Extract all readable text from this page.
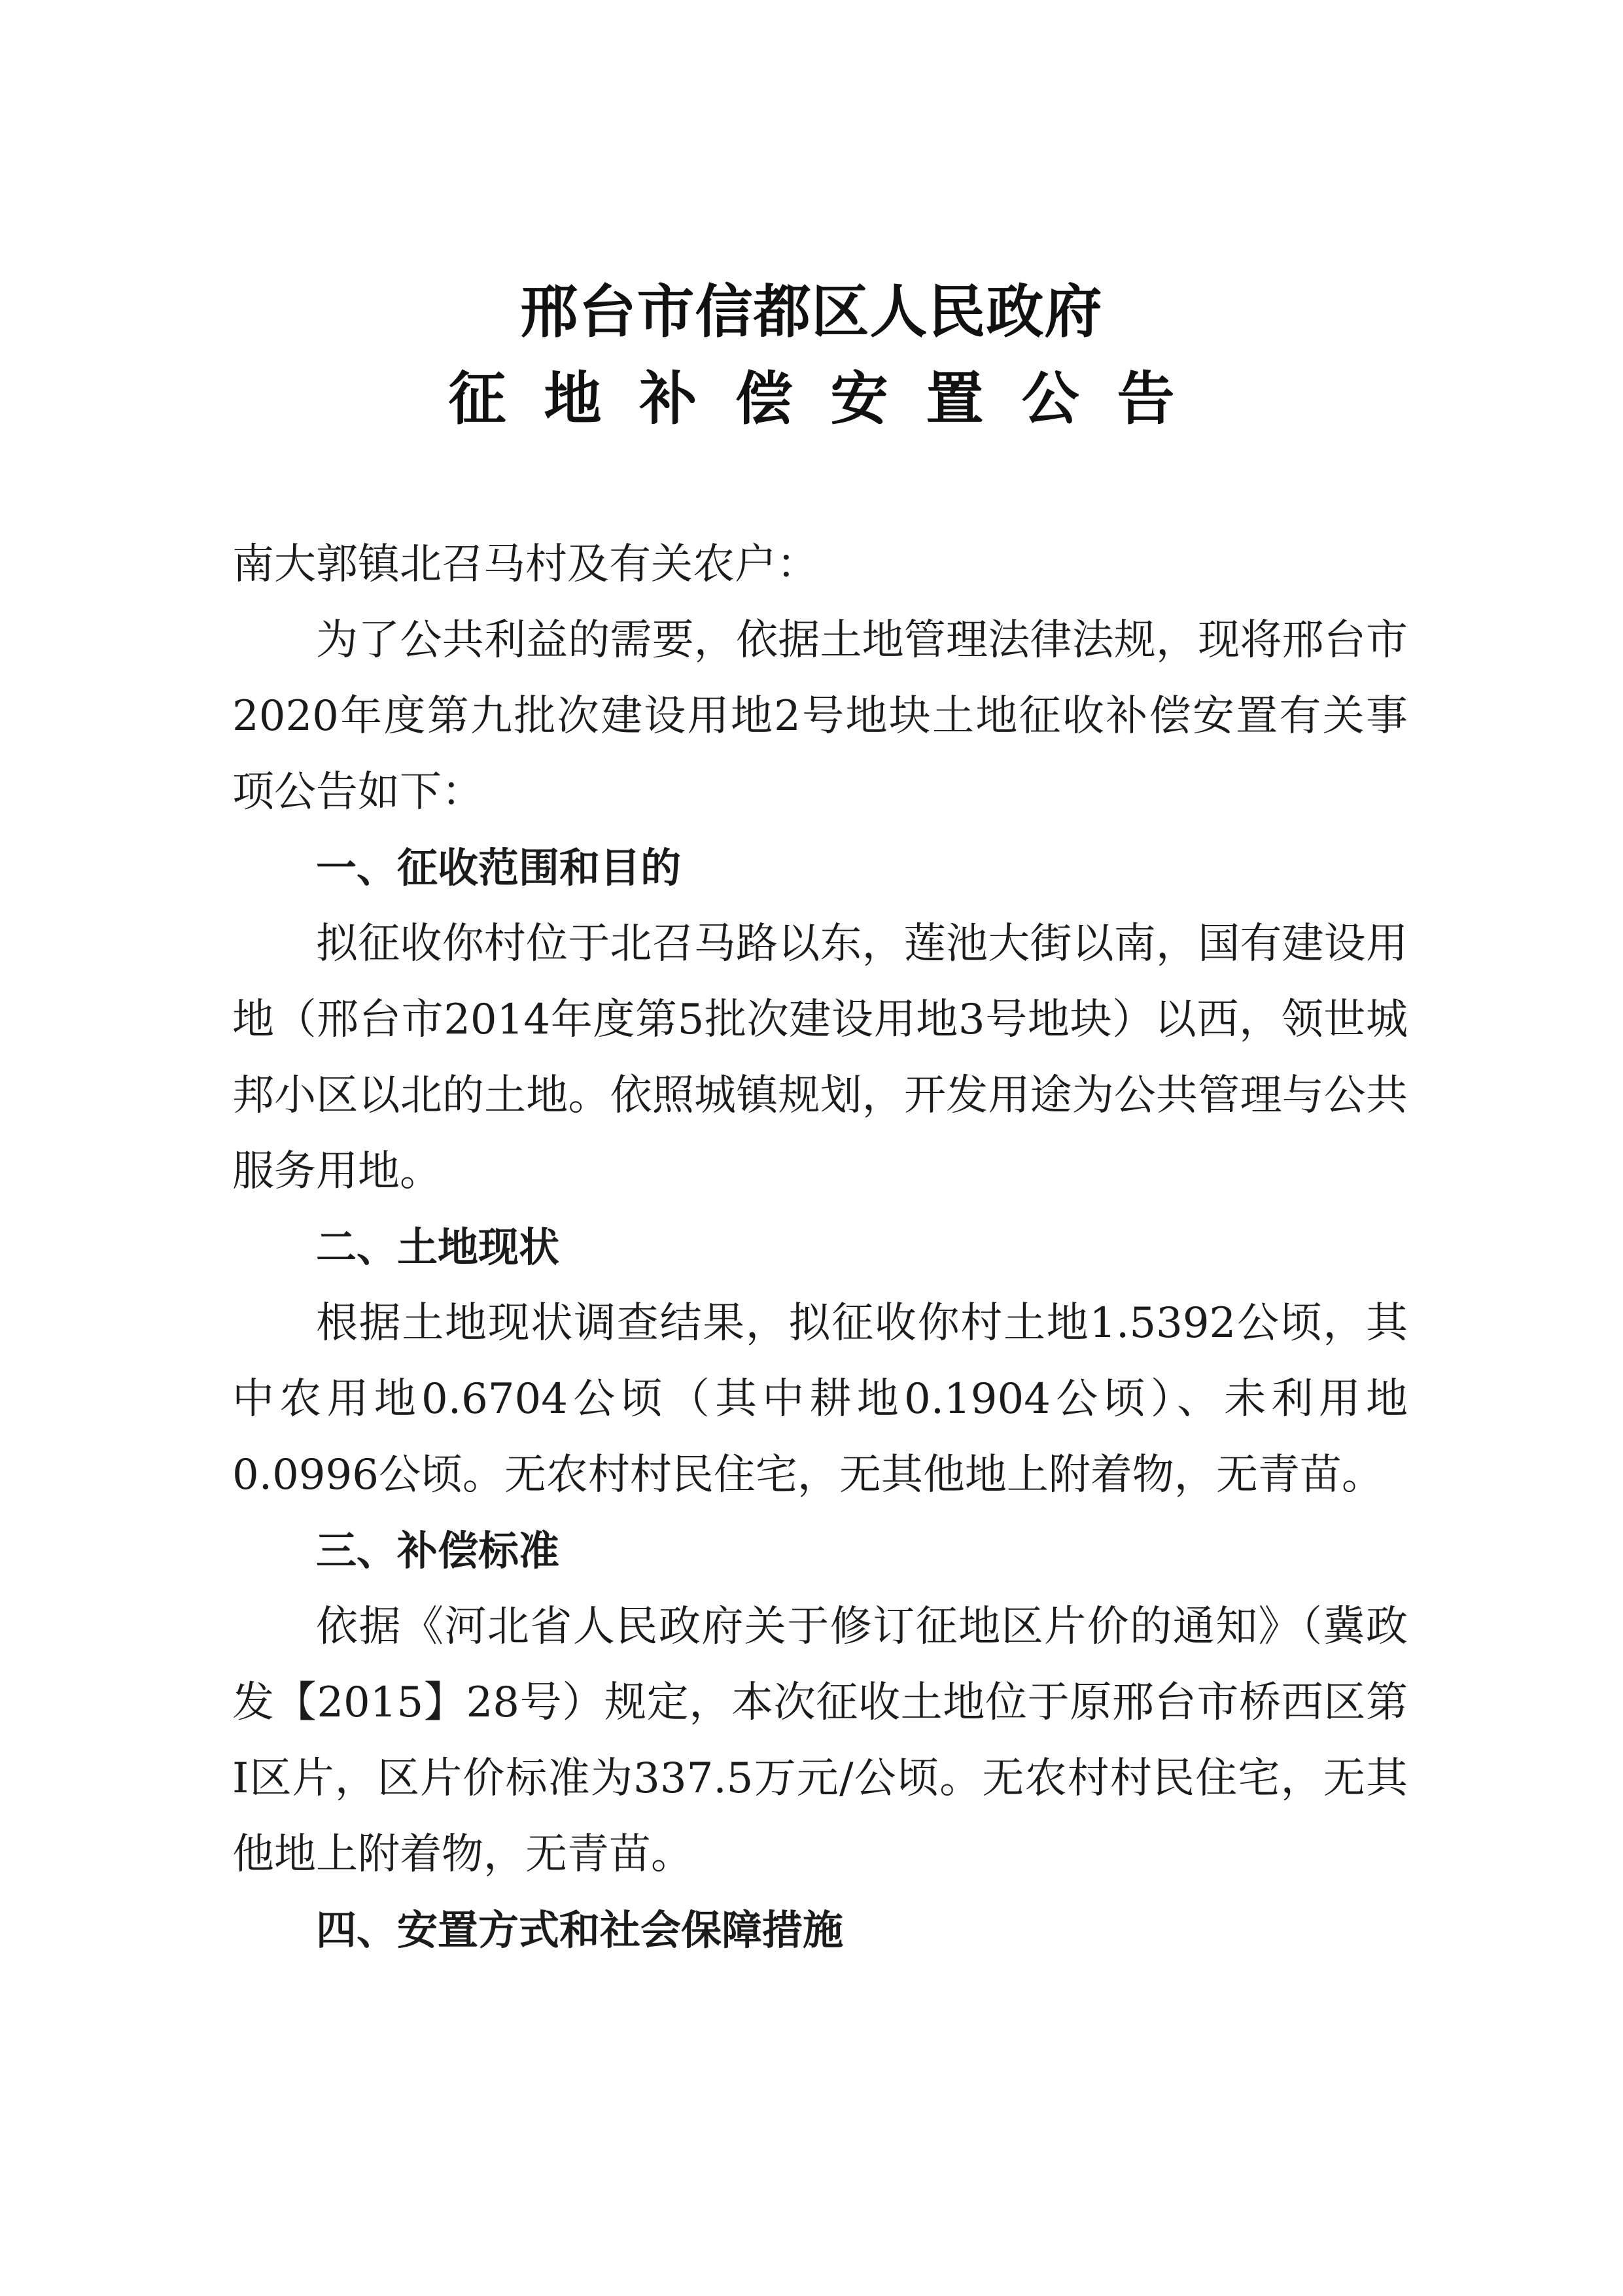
邢台市信都区人民政府
征地补偿安置公告

南大郭镇北召马村及有关农户：

为了公共利益的需要，依据土地管理法律法规，现将邢台市2020年度第九批次建设用地2号地块土地征收补偿安置有关事项公告如下：

一、征收范围和目的

拟征收你村位于北召马路以东，莲池大街以南，国有建设用地（邢台市2014年度第5批次建设用地3号地块）以西，领世城邦小区以北的土地。依照城镇规划，开发用途为公共管理与公共服务用地。

二、土地现状

根据土地现状调查结果，拟征收你村土地1.5392公顷，其中农用地0.6704公顷（其中耕地0.1904公顷）、未利用地0.0996公顷。无农村村民住宅，无其他地上附着物，无青苗。

三、补偿标准

依据《河北省人民政府关于修订征地区片价的通知》（冀政发【2015】28号）规定，本次征收土地位于原邢台市桥西区第Ⅰ区片，区片价标准为337.5万元/公顷。无农村村民住宅，无其他地上附着物，无青苗。

四、安置方式和社会保障措施
